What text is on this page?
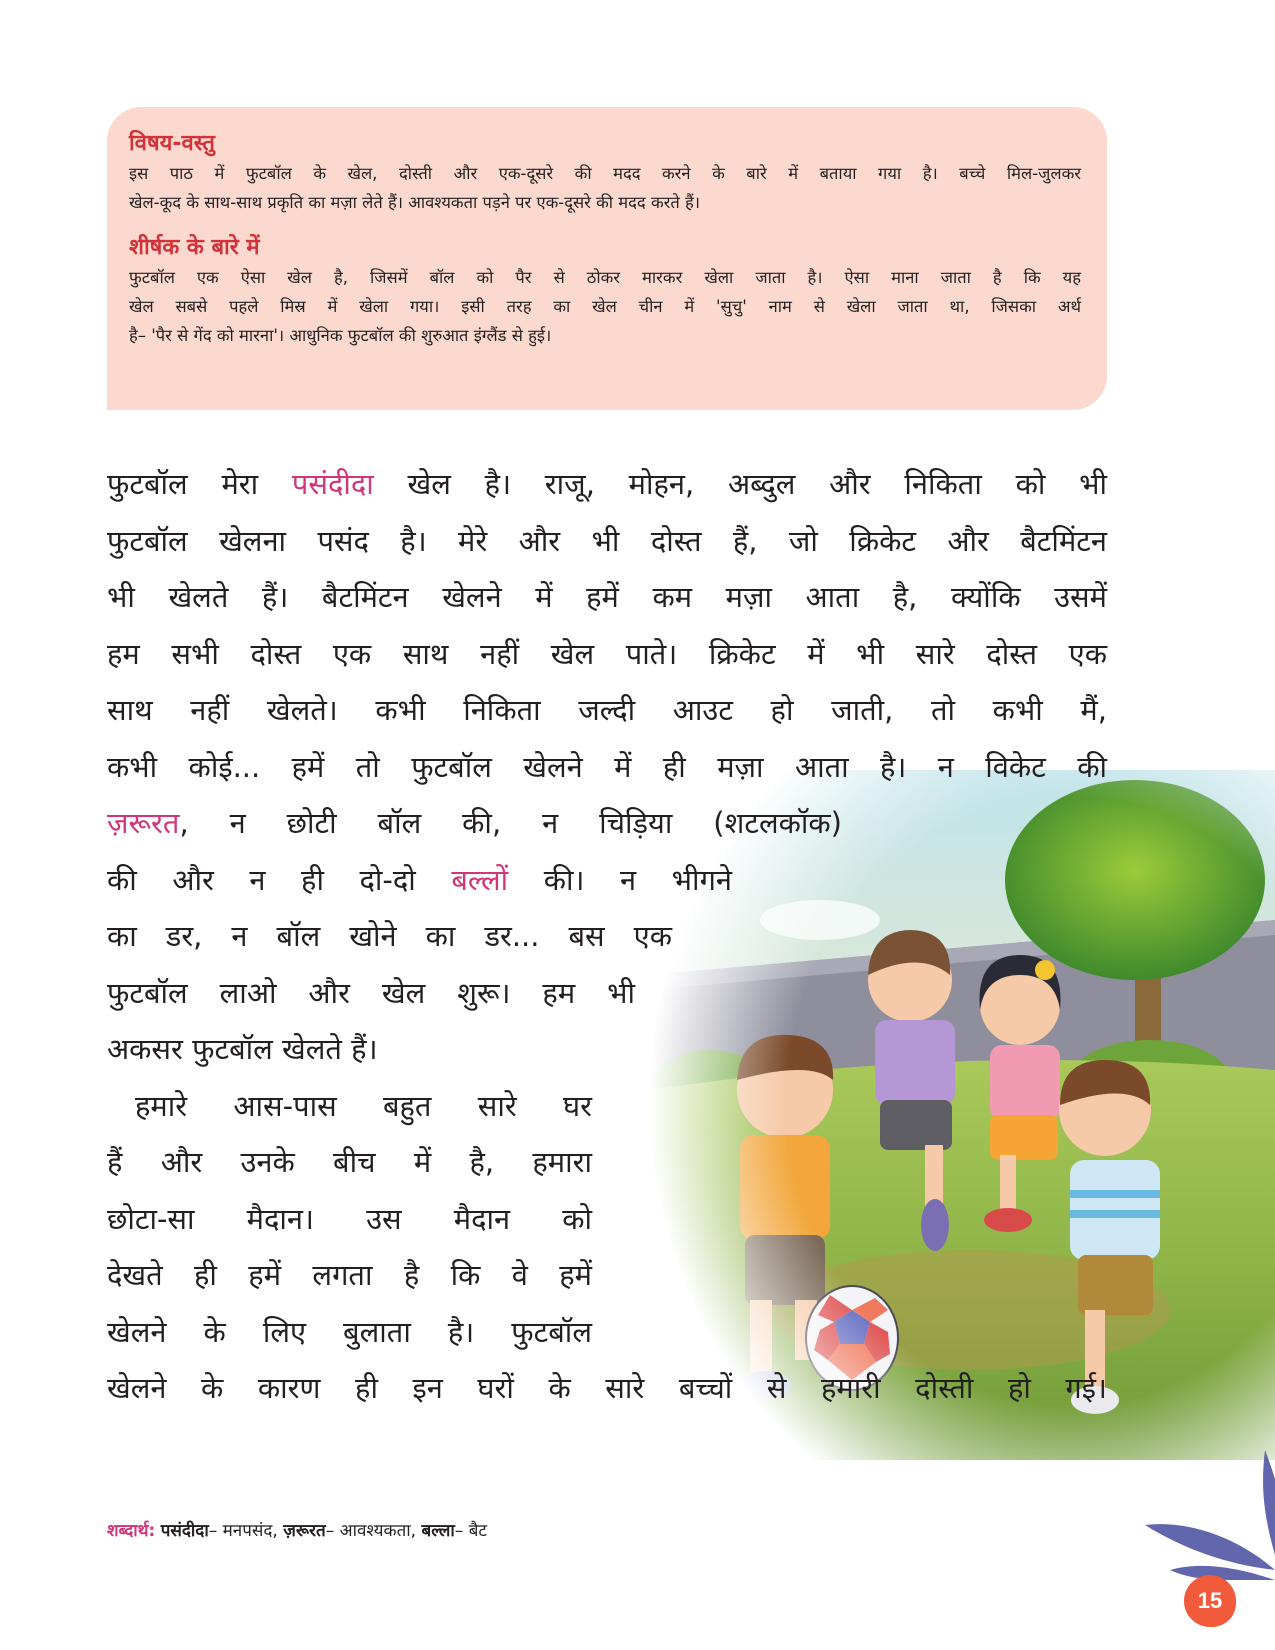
विषय-वस्तु
इस पाठ में फुटबॉल के खेल, दोस्ती और एक-दूसरे की मदद करने के बारे में बताया गया है। बच्चे मिल-जुलकर
खेल-कूद के साथ-साथ प्रकृति का मज़ा लेते हैं। आवश्यकता पड़ने पर एक-दूसरे की मदद करते हैं।
शीर्षक के बारे में
फुटबॉल एक ऐसा खेल है, जिसमें बॉल को पैर से ठोकर मारकर खेला जाता है। ऐसा माना जाता है कि यह
खेल सबसे पहले मिस्र में खेला गया। इसी तरह का खेल चीन में 'सुचु' नाम से खेला जाता था, जिसका अर्थ
है– 'पैर से गेंद को मारना'। आधुनिक फुटबॉल की शुरुआत इंग्लैंड से हुई।
फुटबॉल मेरा पसंदीदा खेल है। राजू, मोहन, अब्दुल और निकिता को भी
फुटबॉल खेलना पसंद है। मेरे और भी दोस्त हैं, जो क्रिकेट और बैटमिंटन
भी खेलते हैं। बैटमिंटन खेलने में हमें कम मज़ा आता है, क्योंकि उसमें
हम सभी दोस्त एक साथ नहीं खेल पाते। क्रिकेट में भी सारे दोस्त एक
साथ नहीं खेलते। कभी निकिता जल्दी आउट हो जाती, तो कभी मैं,
कभी कोई... हमें तो फुटबॉल खेलने में ही मज़ा आता है। न विकेट की
ज़रूरत, न छोटी बॉल की, न चिड़िया (शटलकॉक)
की और न ही दो-दो बल्लों की। न भीगने
का डर, न बॉल खोने का डर... बस एक
फुटबॉल लाओ और खेल शुरू। हम भी
अकसर फुटबॉल खेलते हैं।
हमारे आस-पास बहुत सारे घर
हैं और उनके बीच में है, हमारा
छोटा-सा मैदान। उस मैदान को
देखते ही हमें लगता है कि वे हमें
खेलने के लिए बुलाता है। फुटबॉल
खेलने के कारण ही इन घरों के सारे बच्चों से हमारी दोस्ती हो गई।
शब्दार्थ: पसंदीदा– मनपसंद, ज़रूरत– आवश्यकता, बल्ला– बैट
15
